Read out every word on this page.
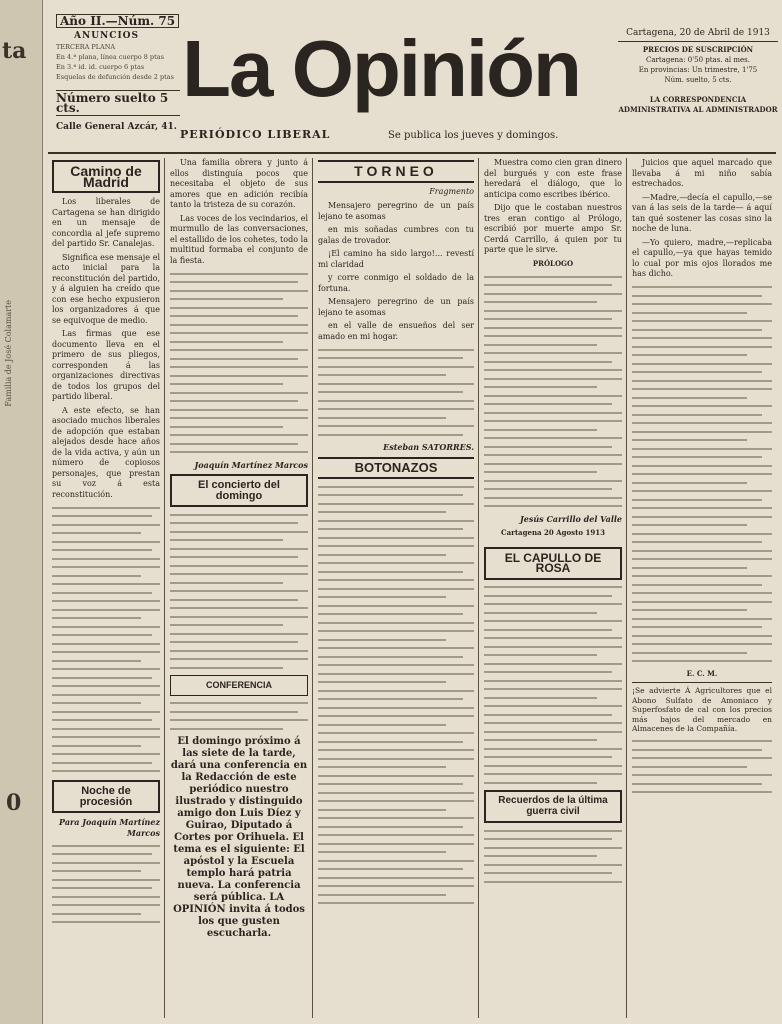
ta
0
Familia de José Colamarte
Año II.—Núm. 75
ANUNCIOS
TERCERA PLANA
En 4.ª plana, línea cuerpo 8 ptas
En 3.ª id. id. cuerpo 6 ptas
Esquelas de defunción desde 2 ptas
Número suelto 5 cts.
Calle General Azcár, 41.
La Opinión
PERIÓDICO LIBERAL	Se publica los jueves y domingos.
Cartagena, 20 de Abril de 1913
PRECIOS DE SUSCRIPCIÓN
Cartagena: 0'50 ptas. al mes.
En provincias: Un trimestre, 1'75
Núm. suelto, 5 cts.
LA CORRESPONDENCIA ADMINISTRATIVA AL ADMINISTRADOR
Camino de Madrid

Los liberales de Cartagena se han dirigido en un mensaje de concordia al jefe supremo del partido Sr. Canalejas.

Significa ese mensaje el acto inicial para la reconstitución del partido, y á alguien ha creído que con ese hecho expusieron los organizadores á que se equivoque de medio.

Las firmas que ese documento lleva en el primero de sus pliegos, corresponden á las organizaciones directivas de todos los grupos del partido liberal.

A este efecto, se han asociado muchos liberales de adopción que estaban alejados desde hace años de la vida activa, y aún un número de copiosos personajes, que prestan su voz á esta reconstitución.

Noche de procesión
Para Joaquín Martínez Marcos

Una familia obrera y junto á ellos distinguía pocos que necesitaba el objeto de sus amores que en adición recibía tanto la tristeza de su corazón.

Las voces de los vecindarios, el murmullo de las conversaciones, el estallido de los cohetes, todo la multitud formaba el conjunto de la fiesta.

Joaquín Martínez Marcos
El concierto del domingo
CONFERENCIA
El domingo próximo á las siete de la tarde, dará una conferencia en la Redacción de este periódico nuestro ilustrado y distinguido amigo don Luis Díez y Guirao, Diputado á Cortes por Orihuela. El tema es el siguiente: El apóstol y la Escuela templo hará patria nueva. La conferencia será pública. LA OPINIÓN invita á todos los que gusten escucharla.
TORNEO
Fragmento

Mensajero peregrino de un país lejano te asomas

en mis soñadas cumbres con tu galas de trovador.

¡El camino ha sido largo!... revestí mi claridad

y corre conmigo el soldado de la fortuna.

Mensajero peregrino de un país lejano te asomas

en el valle de ensueños del ser amado en mi hogar.

Esteban SATORRES.
BOTONAZOS

Muestra como cien gran dinero del burgués y con este frase heredará el diálogo, que lo anticipa como escribes ibérico.

Dijo que le costaban nuestros tres eran contigo al Prólogo, escribió por muerte ampo Sr. Cerdá Carrillo, á quien por tu parte que le sirve.

PRÓLOGO
Jesús Carrillo del Valle
Cartagena 20 Agosto 1913
EL CAPULLO DE ROSA
Recuerdos de la última guerra civil

Juicios que aquel marcado que llevaba á mi niño sabía estrechados.

—Madre,—decía el capullo,—se van á las seis de la tarde— á aquí tan qué sostener las cosas sino la noche de luna.

—Yo quiero, madre,—replicaba el capullo,—ya que hayas temido lo cual por mis ojos llorados me has dicho.

E. C. M.
¡Se advierte Á Agricultores que el Abono Sulfato de Amoniaco y Superfosfato de cal con los precios más bajos del mercado en Almacenes de la Compañía.
